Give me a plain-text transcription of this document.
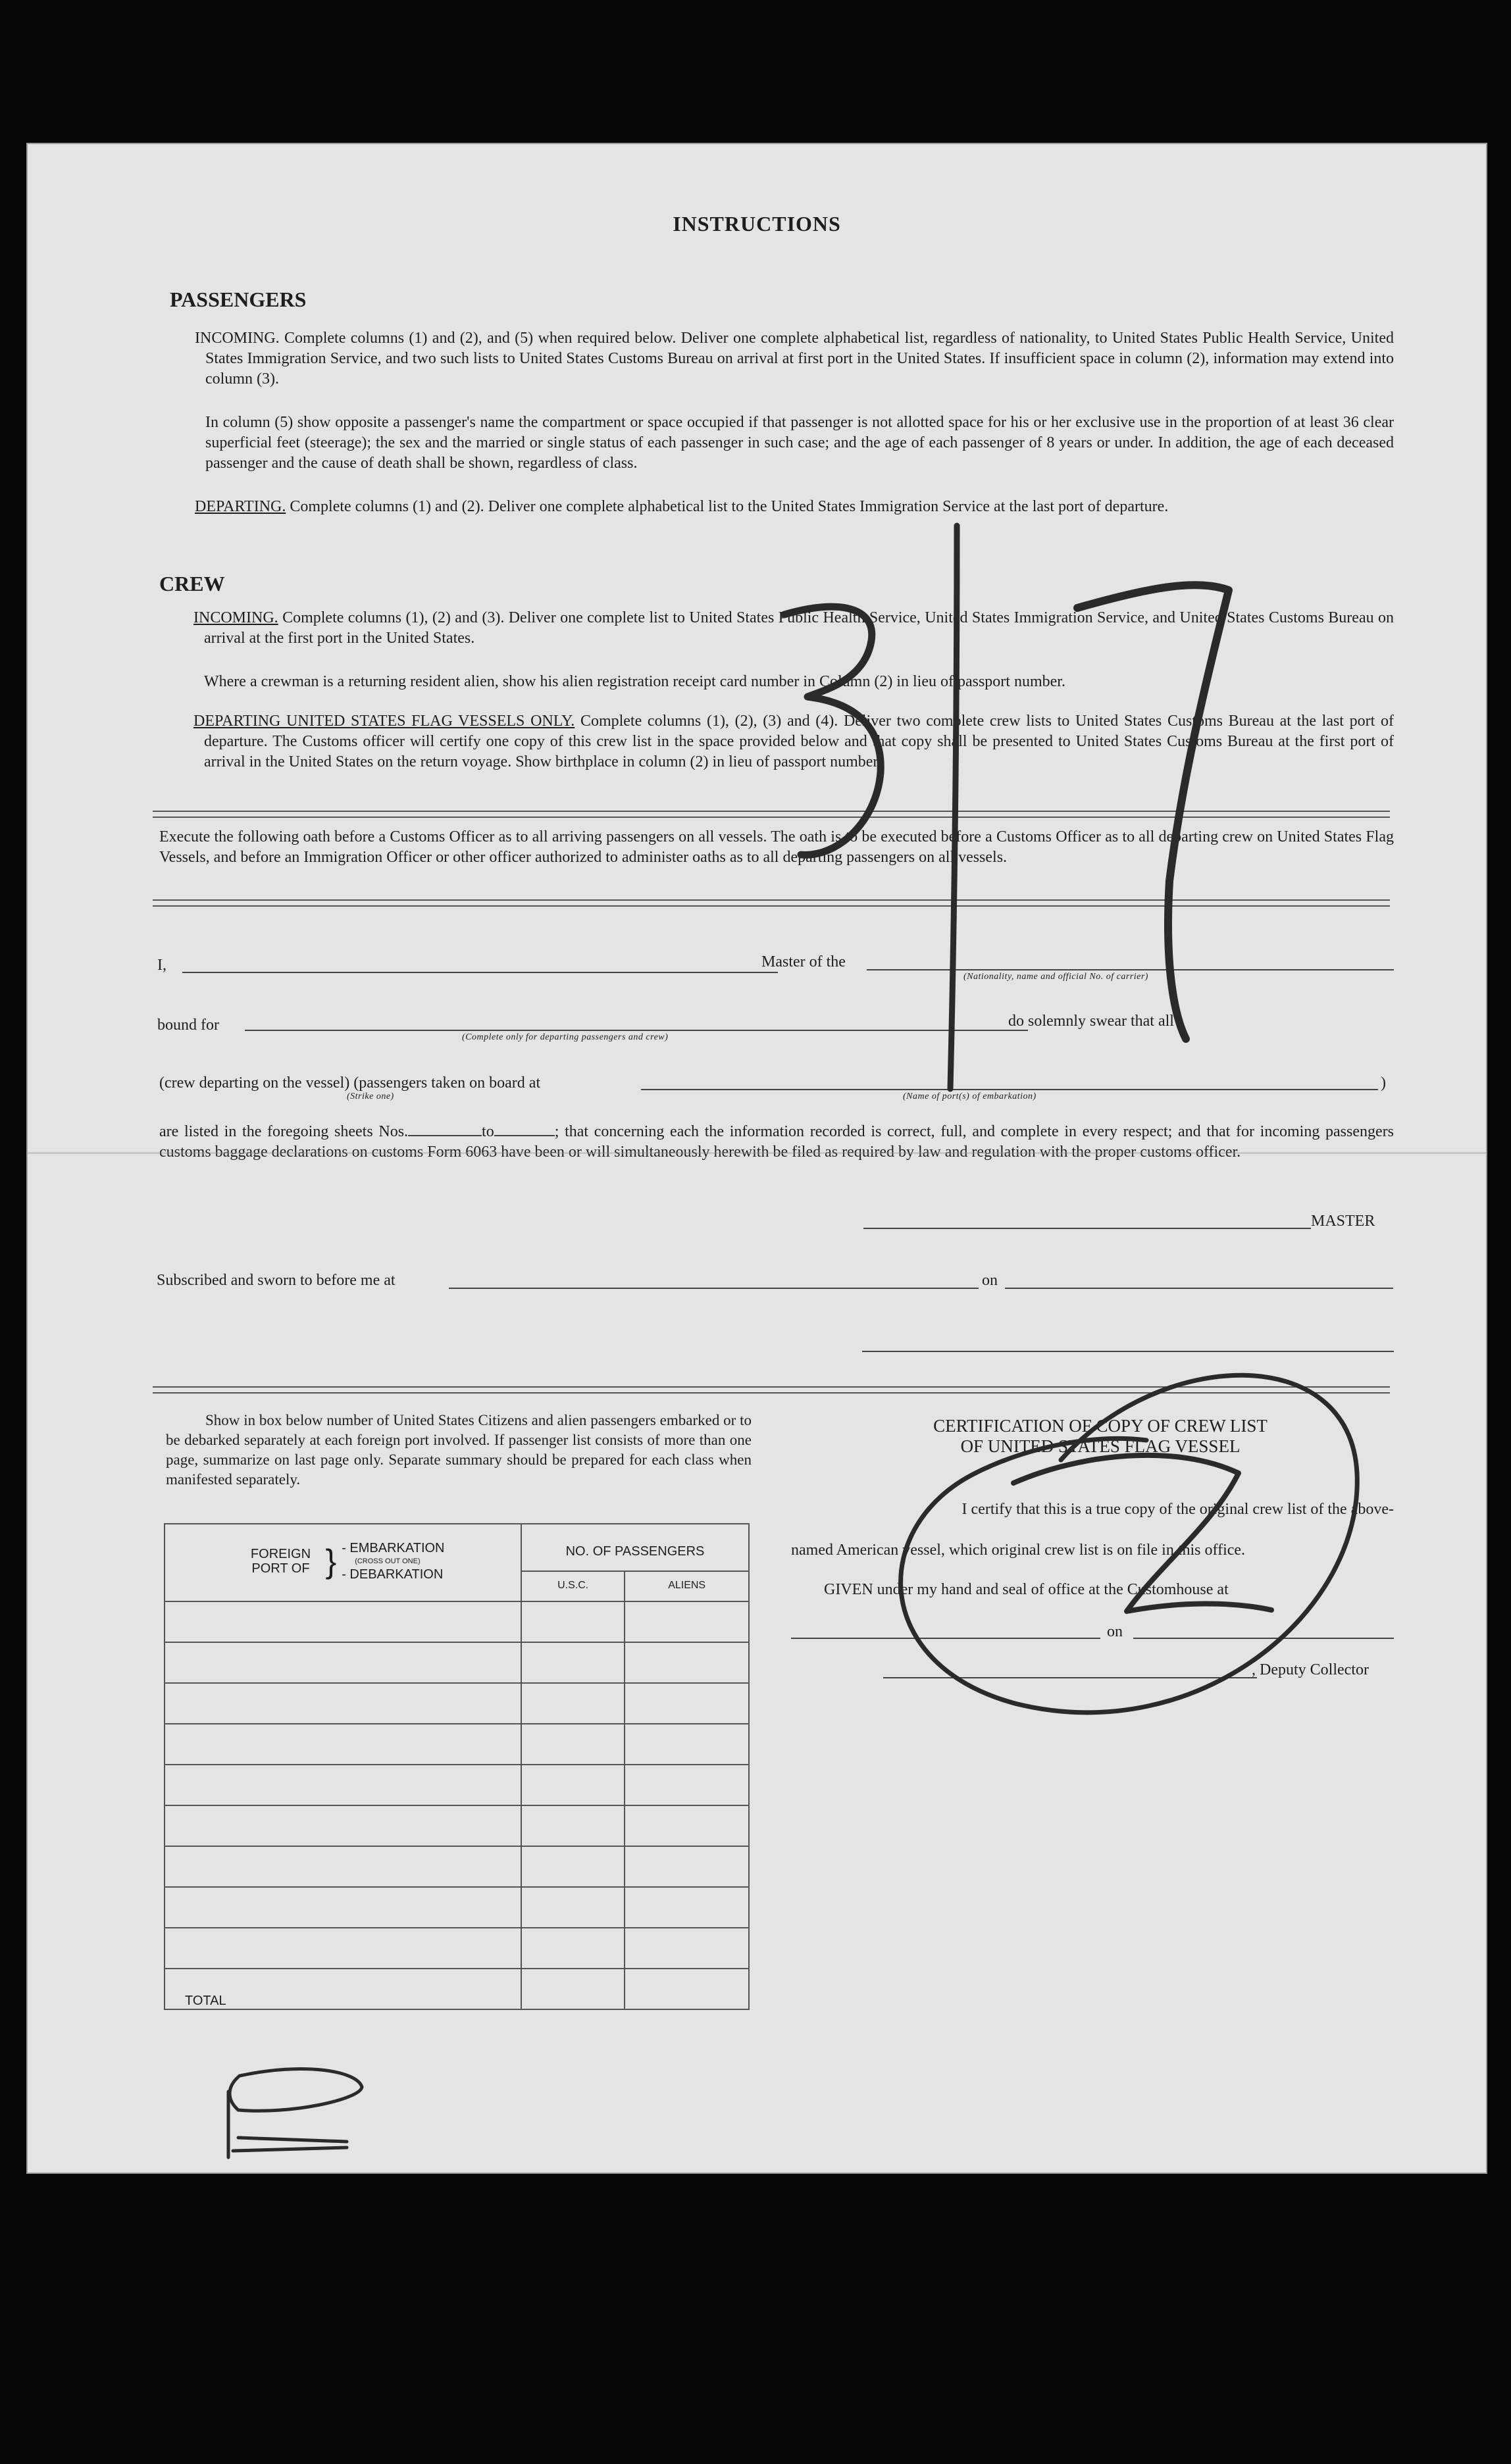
INSTRUCTIONS
PASSENGERS
INCOMING. Complete columns (1) and (2), and (5) when required below. Deliver one complete alphabetical list, regardless of nationality, to United States Public Health Service, United States Immigration Service, and two such lists to United States Customs Bureau on arrival at first port in the United States. If insufficient space in column (2), information may extend into column (3).
In column (5) show opposite a passenger's name the compartment or space occupied if that passenger is not allotted space for his or her exclusive use in the proportion of at least 36 clear superficial feet (steerage); the sex and the married or single status of each passenger in such case; and the age of each passenger of 8 years or under. In addition, the age of each deceased passenger and the cause of death shall be shown, regardless of class.
DEPARTING. Complete columns (1) and (2). Deliver one complete alphabetical list to the United States Immigration Service at the last port of departure.
CREW
INCOMING. Complete columns (1), (2) and (3). Deliver one complete list to United States Public Health Service, United States Immigration Service, and United States Customs Bureau on arrival at the first port in the United States.
Where a crewman is a returning resident alien, show his alien registration receipt card number in Column (2) in lieu of passport number.
DEPARTING UNITED STATES FLAG VESSELS ONLY. Complete columns (1), (2), (3) and (4). Deliver two complete crew lists to United States Customs Bureau at the last port of departure. The Customs officer will certify one copy of this crew list in the space provided below and that copy shall be presented to United States Customs Bureau at the first port of arrival in the United States on the return voyage. Show birthplace in column (2) in lieu of passport number.
Execute the following oath before a Customs Officer as to all arriving passengers on all vessels. The oath is to be executed before a Customs Officer as to all departing crew on United States Flag Vessels, and before an Immigration Officer or other officer authorized to administer oaths as to all departing passengers on all vessels.
I,	Master of the
(Nationality, name and official No. of carrier)
bound for
(Complete only for departing passengers and crew)
do solemnly swear that all
(crew departing on the vessel) (passengers taken on board at
(Strike one)	(Name of port(s) of embarkation)
)
are listed in the foregoing sheets Nos.	to	; that concerning each the information recorded is correct, full, and complete in every respect; and that for incoming passengers customs baggage declarations on customs Form 6063 have been or will simultaneously herewith be filed as required by law and regulation with the proper customs officer.
MASTER
Subscribed and sworn to before me at	on
Show in box below number of United States Citizens and alien passengers embarked or to be debarked separately at each foreign port involved. If passenger list consists of more than one page, summarize on last page only. Separate summary should be prepared for each class when manifested separately.
FOREIGN PORT OF } - EMBARKATION
(CROSS OUT ONE)
- DEBARKATION	NO. OF PASSENGERS	
	U.S.C.	ALIENS

TOTAL		
CERTIFICATION OF COPY OF CREW LIST
OF UNITED STATES FLAG VESSEL
I certify that this is a true copy of the original crew list of the above-
named American vessel, which original crew list is on file in this office.
GIVEN under my hand and seal of office at the Customhouse at
on
, Deputy Collector
